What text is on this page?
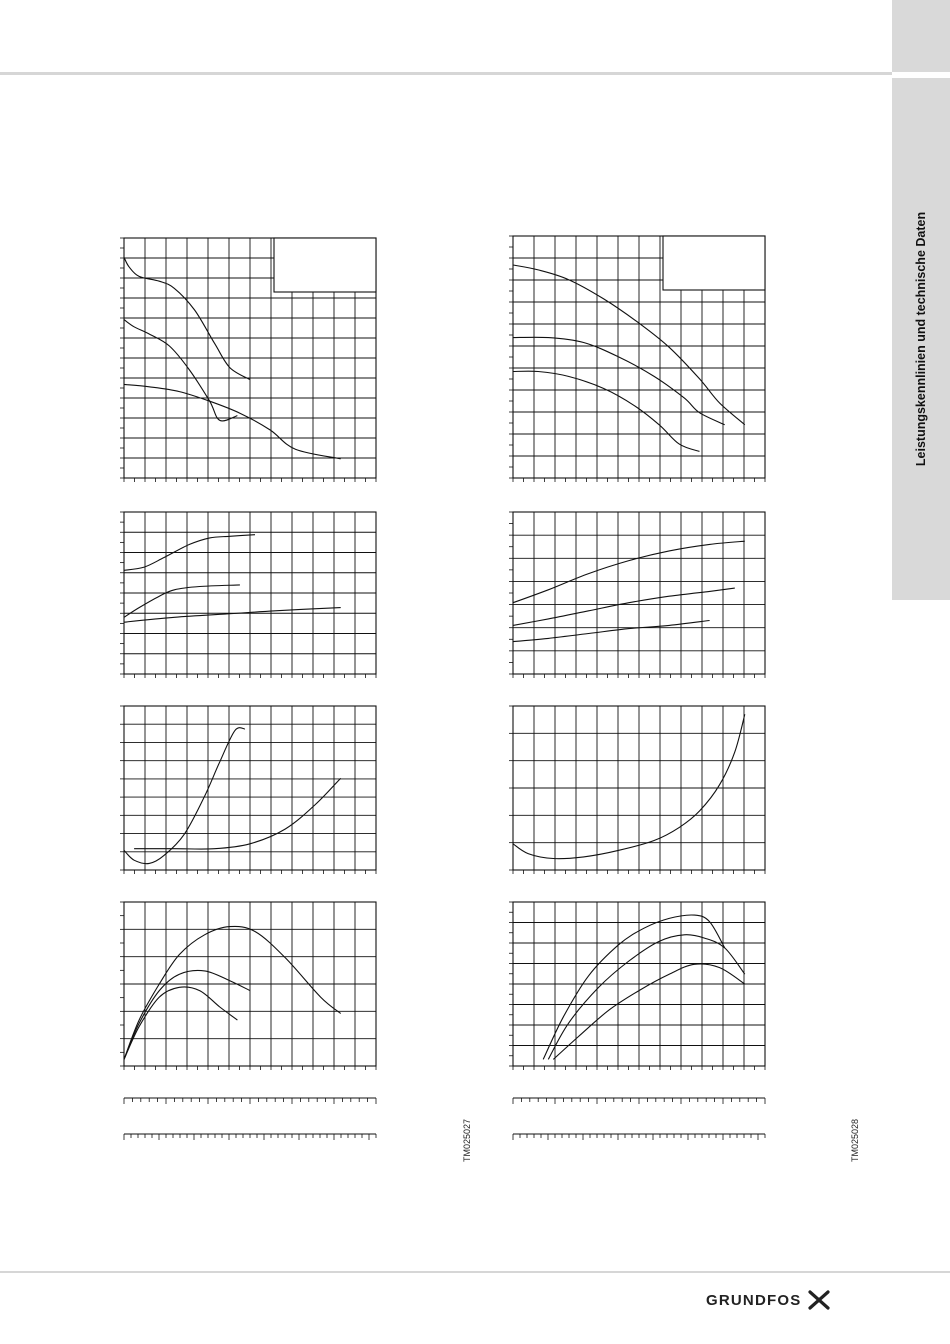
Leistungskennlinien und technische Daten
TM025027	TM025028
GRUNDFOS
